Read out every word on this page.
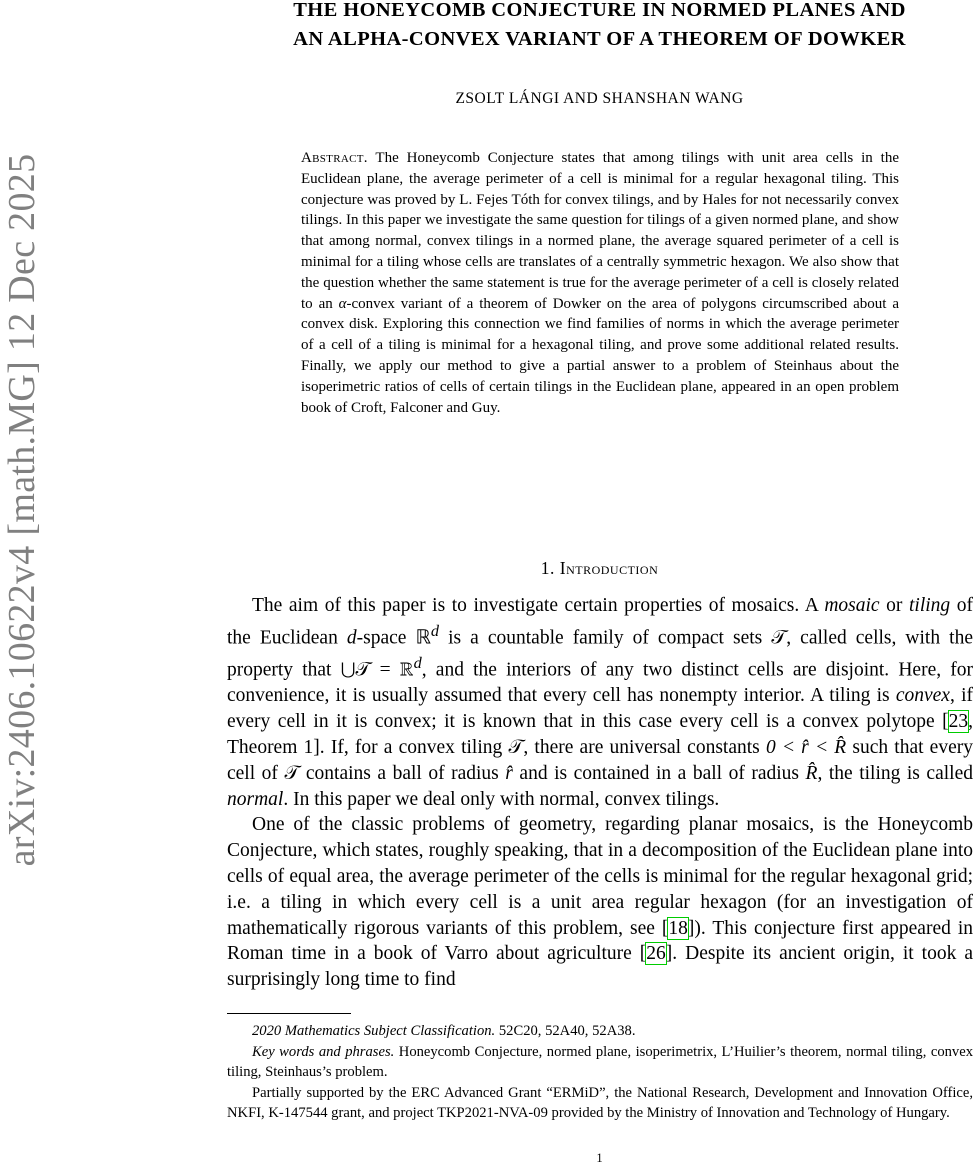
arXiv:2406.10622v4 [math.MG] 12 Dec 2025
THE HONEYCOMB CONJECTURE IN NORMED PLANES AND
AN ALPHA-CONVEX VARIANT OF A THEOREM OF DOWKER
ZSOLT LÁNGI AND SHANSHAN WANG
Abstract. The Honeycomb Conjecture states that among tilings with unit area cells in the Euclidean plane, the average perimeter of a cell is minimal for a regular hexagonal tiling. This conjecture was proved by L. Fejes Tóth for convex tilings, and by Hales for not necessarily convex tilings. In this paper we investigate the same question for tilings of a given normed plane, and show that among normal, convex tilings in a normed plane, the average squared perimeter of a cell is minimal for a tiling whose cells are translates of a centrally symmetric hexagon. We also show that the question whether the same statement is true for the average perimeter of a cell is closely related to an α-convex variant of a theorem of Dowker on the area of polygons circumscribed about a convex disk. Exploring this connection we find families of norms in which the average perimeter of a cell of a tiling is minimal for a hexagonal tiling, and prove some additional related results. Finally, we apply our method to give a partial answer to a problem of Steinhaus about the isoperimetric ratios of cells of certain tilings in the Euclidean plane, appeared in an open problem book of Croft, Falconer and Guy.
1. Introduction

The aim of this paper is to investigate certain properties of mosaics. A mosaic or tiling of the Euclidean d-space ℝ$^d$ is a countable family of compact sets 𝒯, called cells, with the property that ⋃𝒯 = ℝ$^d$, and the interiors of any two distinct cells are disjoint. Here, for convenience, it is usually assumed that every cell has nonempty interior. A tiling is convex, if every cell in it is convex; it is known that in this case every cell is a convex polytope [23, Theorem 1]. If, for a convex tiling 𝒯, there are universal constants 0 < r̂ < R̂ such that every cell of 𝒯 contains a ball of radius r̂ and is contained in a ball of radius R̂, the tiling is called normal. In this paper we deal only with normal, convex tilings.

One of the classic problems of geometry, regarding planar mosaics, is the Honeycomb Conjecture, which states, roughly speaking, that in a decomposition of the Euclidean plane into cells of equal area, the average perimeter of the cells is minimal for the regular hexagonal grid; i.e. a tiling in which every cell is a unit area regular hexagon (for an investigation of mathematically rigorous variants of this problem, see [18]). This conjecture first appeared in Roman time in a book of Varro about agriculture [26]. Despite its ancient origin, it took a surprisingly long time to find

2020 Mathematics Subject Classification. 52C20, 52A40, 52A38.

Key words and phrases. Honeycomb Conjecture, normed plane, isoperimetrix, L’Huilier’s theorem, normal tiling, convex tiling, Steinhaus’s problem.

Partially supported by the ERC Advanced Grant “ERMiD”, the National Research, Development and Innovation Office, NKFI, K-147544 grant, and project TKP2021-NVA-09 provided by the Ministry of Innovation and Technology of Hungary.

1
